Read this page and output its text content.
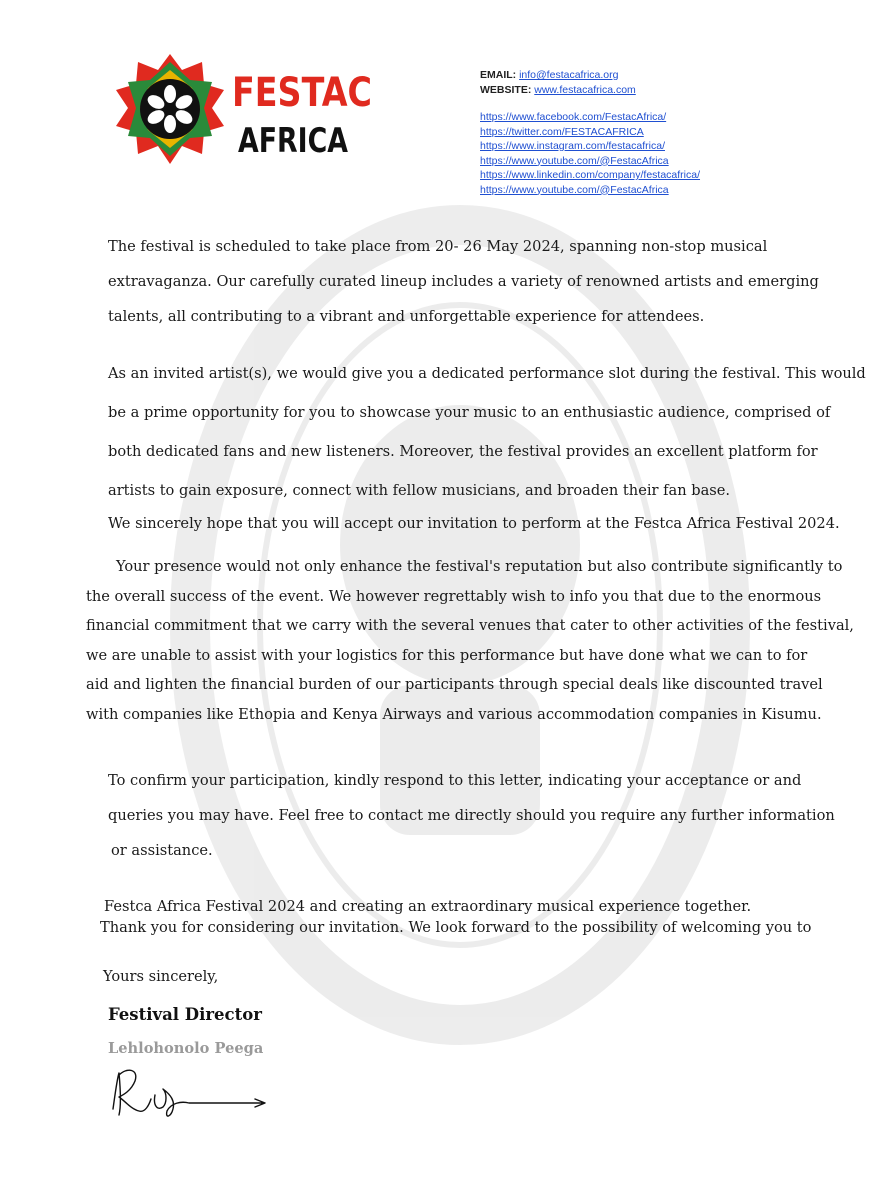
FESTAC
AFRICA
EMAIL: info@festacafrica.org
WEBSITE: www.festacafrica.com
https://www.facebook.com/FestacAfrica/
https://twitter.com/FESTACAFRICA
https://www.instagram.com/festacafrica/
https://www.youtube.com/@FestacAfrica
https://www.linkedin.com/company/festacafrica/
https://www.youtube.com/@FestacAfrica
The festival is scheduled to take place from 20- 26 May 2024, spanning non-stop musical
extravaganza. Our carefully curated lineup includes a variety of renowned artists and emerging
talents, all contributing to a vibrant and unforgettable experience for attendees.
As an invited artist(s), we would give you a dedicated performance slot during the festival. This would
be a prime opportunity for you to showcase your music to an enthusiastic audience, comprised of
both dedicated fans and new listeners. Moreover, the festival provides an excellent platform for
artists to gain exposure, connect with fellow musicians, and broaden their fan base.
We sincerely hope that you will accept our invitation to perform at the Festca Africa Festival 2024.
Your presence would not only enhance the festival's reputation but also contribute significantly to
the overall success of the event. We however regrettably wish to info you that due to the enormous
financial commitment that we carry with the several venues that cater to other activities of the festival,
we are unable to assist with your logistics for this performance but have done what we can to for
aid and lighten the financial burden of our participants through special deals like discounted travel
with companies like Ethopia and Kenya Airways and various accommodation companies in Kisumu.
To confirm your participation, kindly respond to this letter, indicating your acceptance or and
queries you may have. Feel free to contact me directly should you require any further information
or assistance.
Festca Africa Festival 2024 and creating an extraordinary musical experience together.
Thank you for considering our invitation. We look forward to the possibility of welcoming you to
Yours sincerely,
Festival Director
Lehlohonolo Peega
